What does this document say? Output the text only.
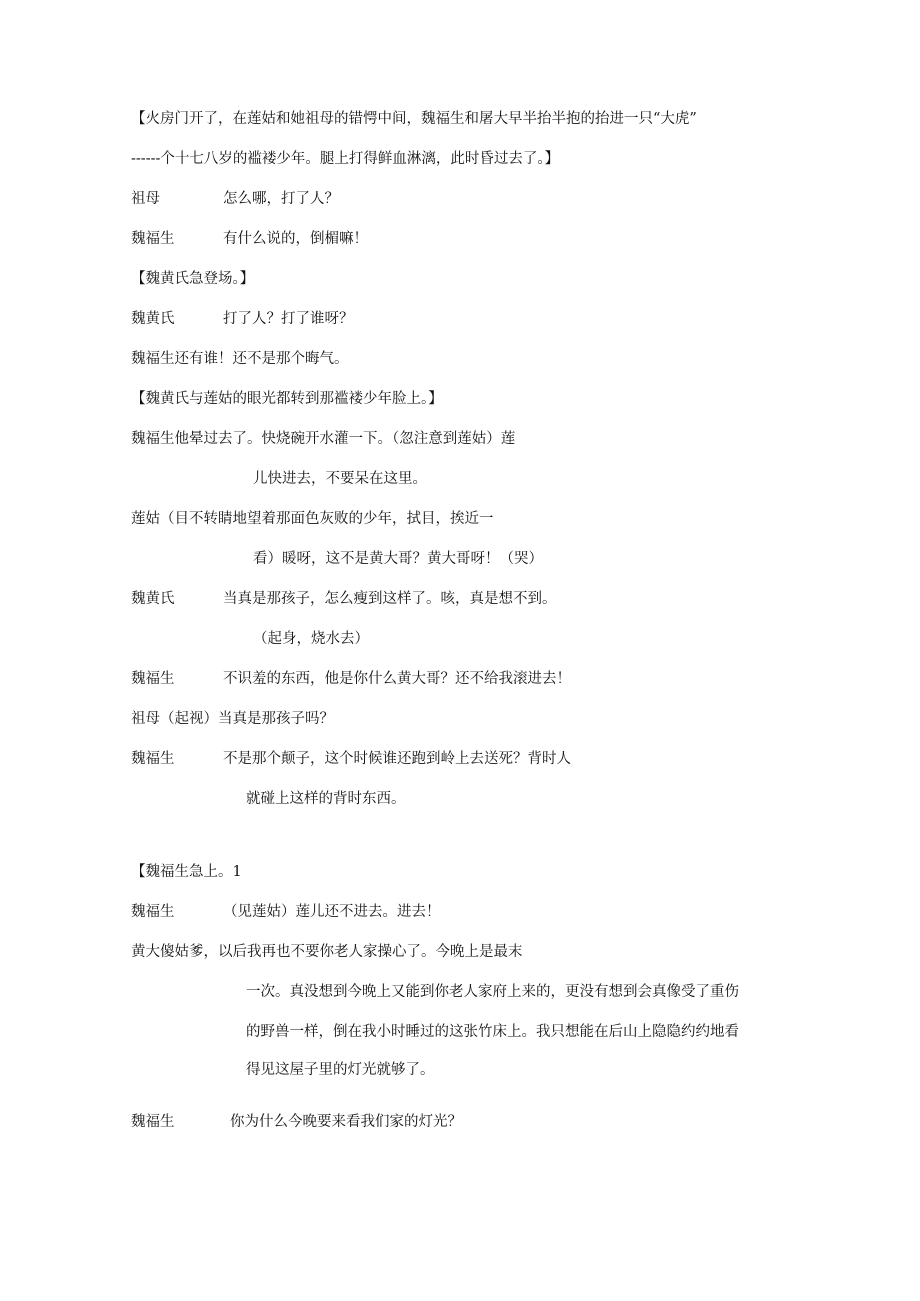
【火房门开了，在莲姑和她祖母的错愕中间，魏福生和屠大早半抬半抱的抬进一只“大虎”
------个十七八岁的褴褛少年。腿上打得鲜血淋漓，此时昏过去了。】
祖母	怎么哪，打了人？
魏福生	有什么说的，倒楣嘛！
【魏黄氏急登场。】
魏黄氏	打了人？打了谁呀？
魏福生还有谁！还不是那个晦气。
【魏黄氏与莲姑的眼光都转到那褴褛少年脸上。】
魏福生他晕过去了。快烧碗开水灌一下。（忽注意到莲姑）莲
儿快进去，不要呆在这里。
莲姑（目不转睛地望着那面色灰败的少年，拭目，挨近一
看）暖呀，这不是黄大哥？黄大哥呀！（哭）
魏黄氏	当真是那孩子，怎么瘦到这样了。咳，真是想不到。
（起身，烧水去）
魏福生	不识羞的东西，他是你什么黄大哥？还不给我滚进去！
祖母（起视）当真是那孩子吗？
魏福生	不是那个颠子，这个时候谁还跑到岭上去送死？背时人
就碰上这样的背时东西。
【魏福生急上。1
魏福生	（见莲姑）莲儿还不进去。进去！
黄大傻姑爹，以后我再也不要你老人家操心了。今晚上是最末
一次。真没想到今晚上又能到你老人家府上来的，更没有想到会真像受了重伤
的野兽一样，倒在我小时睡过的这张竹床上。我只想能在后山上隐隐约约地看
得见这屋子里的灯光就够了。
魏福生	你为什么今晚要来看我们家的灯光？
